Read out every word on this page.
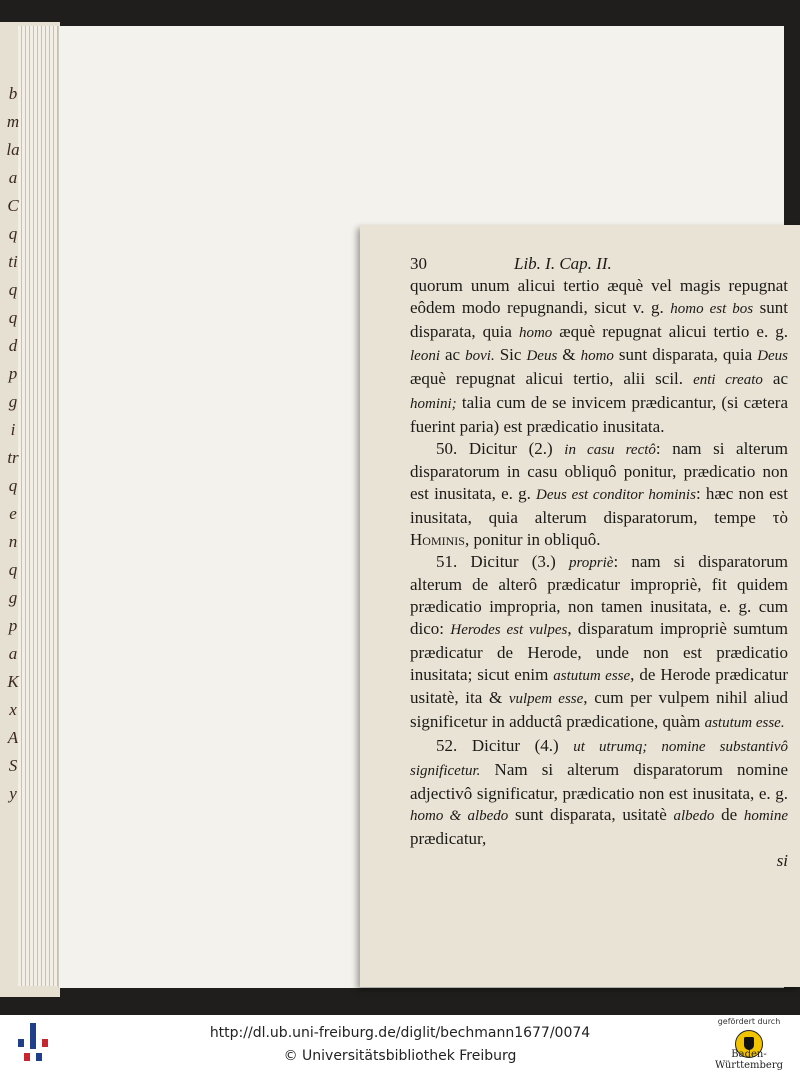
b
m
la
a
C
q
ti
q
q
d
p
g
i
tr
q
e
n
q
g
p
a
K
x
A
S
y
30	Lib. I. Cap. II.

quorum unum alicui tertio æquè vel magis repugnat eôdem modo repugnandi, sicut v. g. homo est bos sunt disparata, quia homo æquè repugnat alicui tertio e. g. leoni ac bovi. Sic Deus & homo sunt disparata, quia Deus æquè repugnat alicui tertio, alii scil. enti creato ac homini; talia cum de se invicem prædicantur, (si cætera fuerint paria) est prædicatio inusitata.

50. Dicitur (2.) in casu rectô: nam si alterum disparatorum in casu obliquô ponitur, prædicatio non est inusitata, e. g. Deus est conditor hominis: hæc non est inusitata, quia alterum disparatorum, tempe τὸ Hominis, ponitur in obliquô.

51. Dicitur (3.) propriè: nam si disparatorum alterum de alterô prædicatur impropriè, fit quidem prædicatio impropria, non tamen inusitata, e. g. cum dico: Herodes est vulpes, disparatum impropriè sumtum prædicatur de Herode, unde non est prædicatio inusitata; sicut enim astutum esse, de Herode prædicatur usitatè, ita & vulpem esse, cum per vulpem nihil aliud significetur in adductâ prædicatione, quàm astutum esse.

52. Dicitur (4.) ut utrumq; nomine substantivô significetur. Nam si alterum disparatorum nomine adjectivô significatur, prædicatio non est inusitata, e. g. homo & albedo sunt disparata, usitatè albedo de homine prædicatur,

si
http://dl.ub.uni-freiburg.de/diglit/bechmann1677/0074
© Universitätsbibliothek Freiburg
gefördert durch
Baden-Württemberg
